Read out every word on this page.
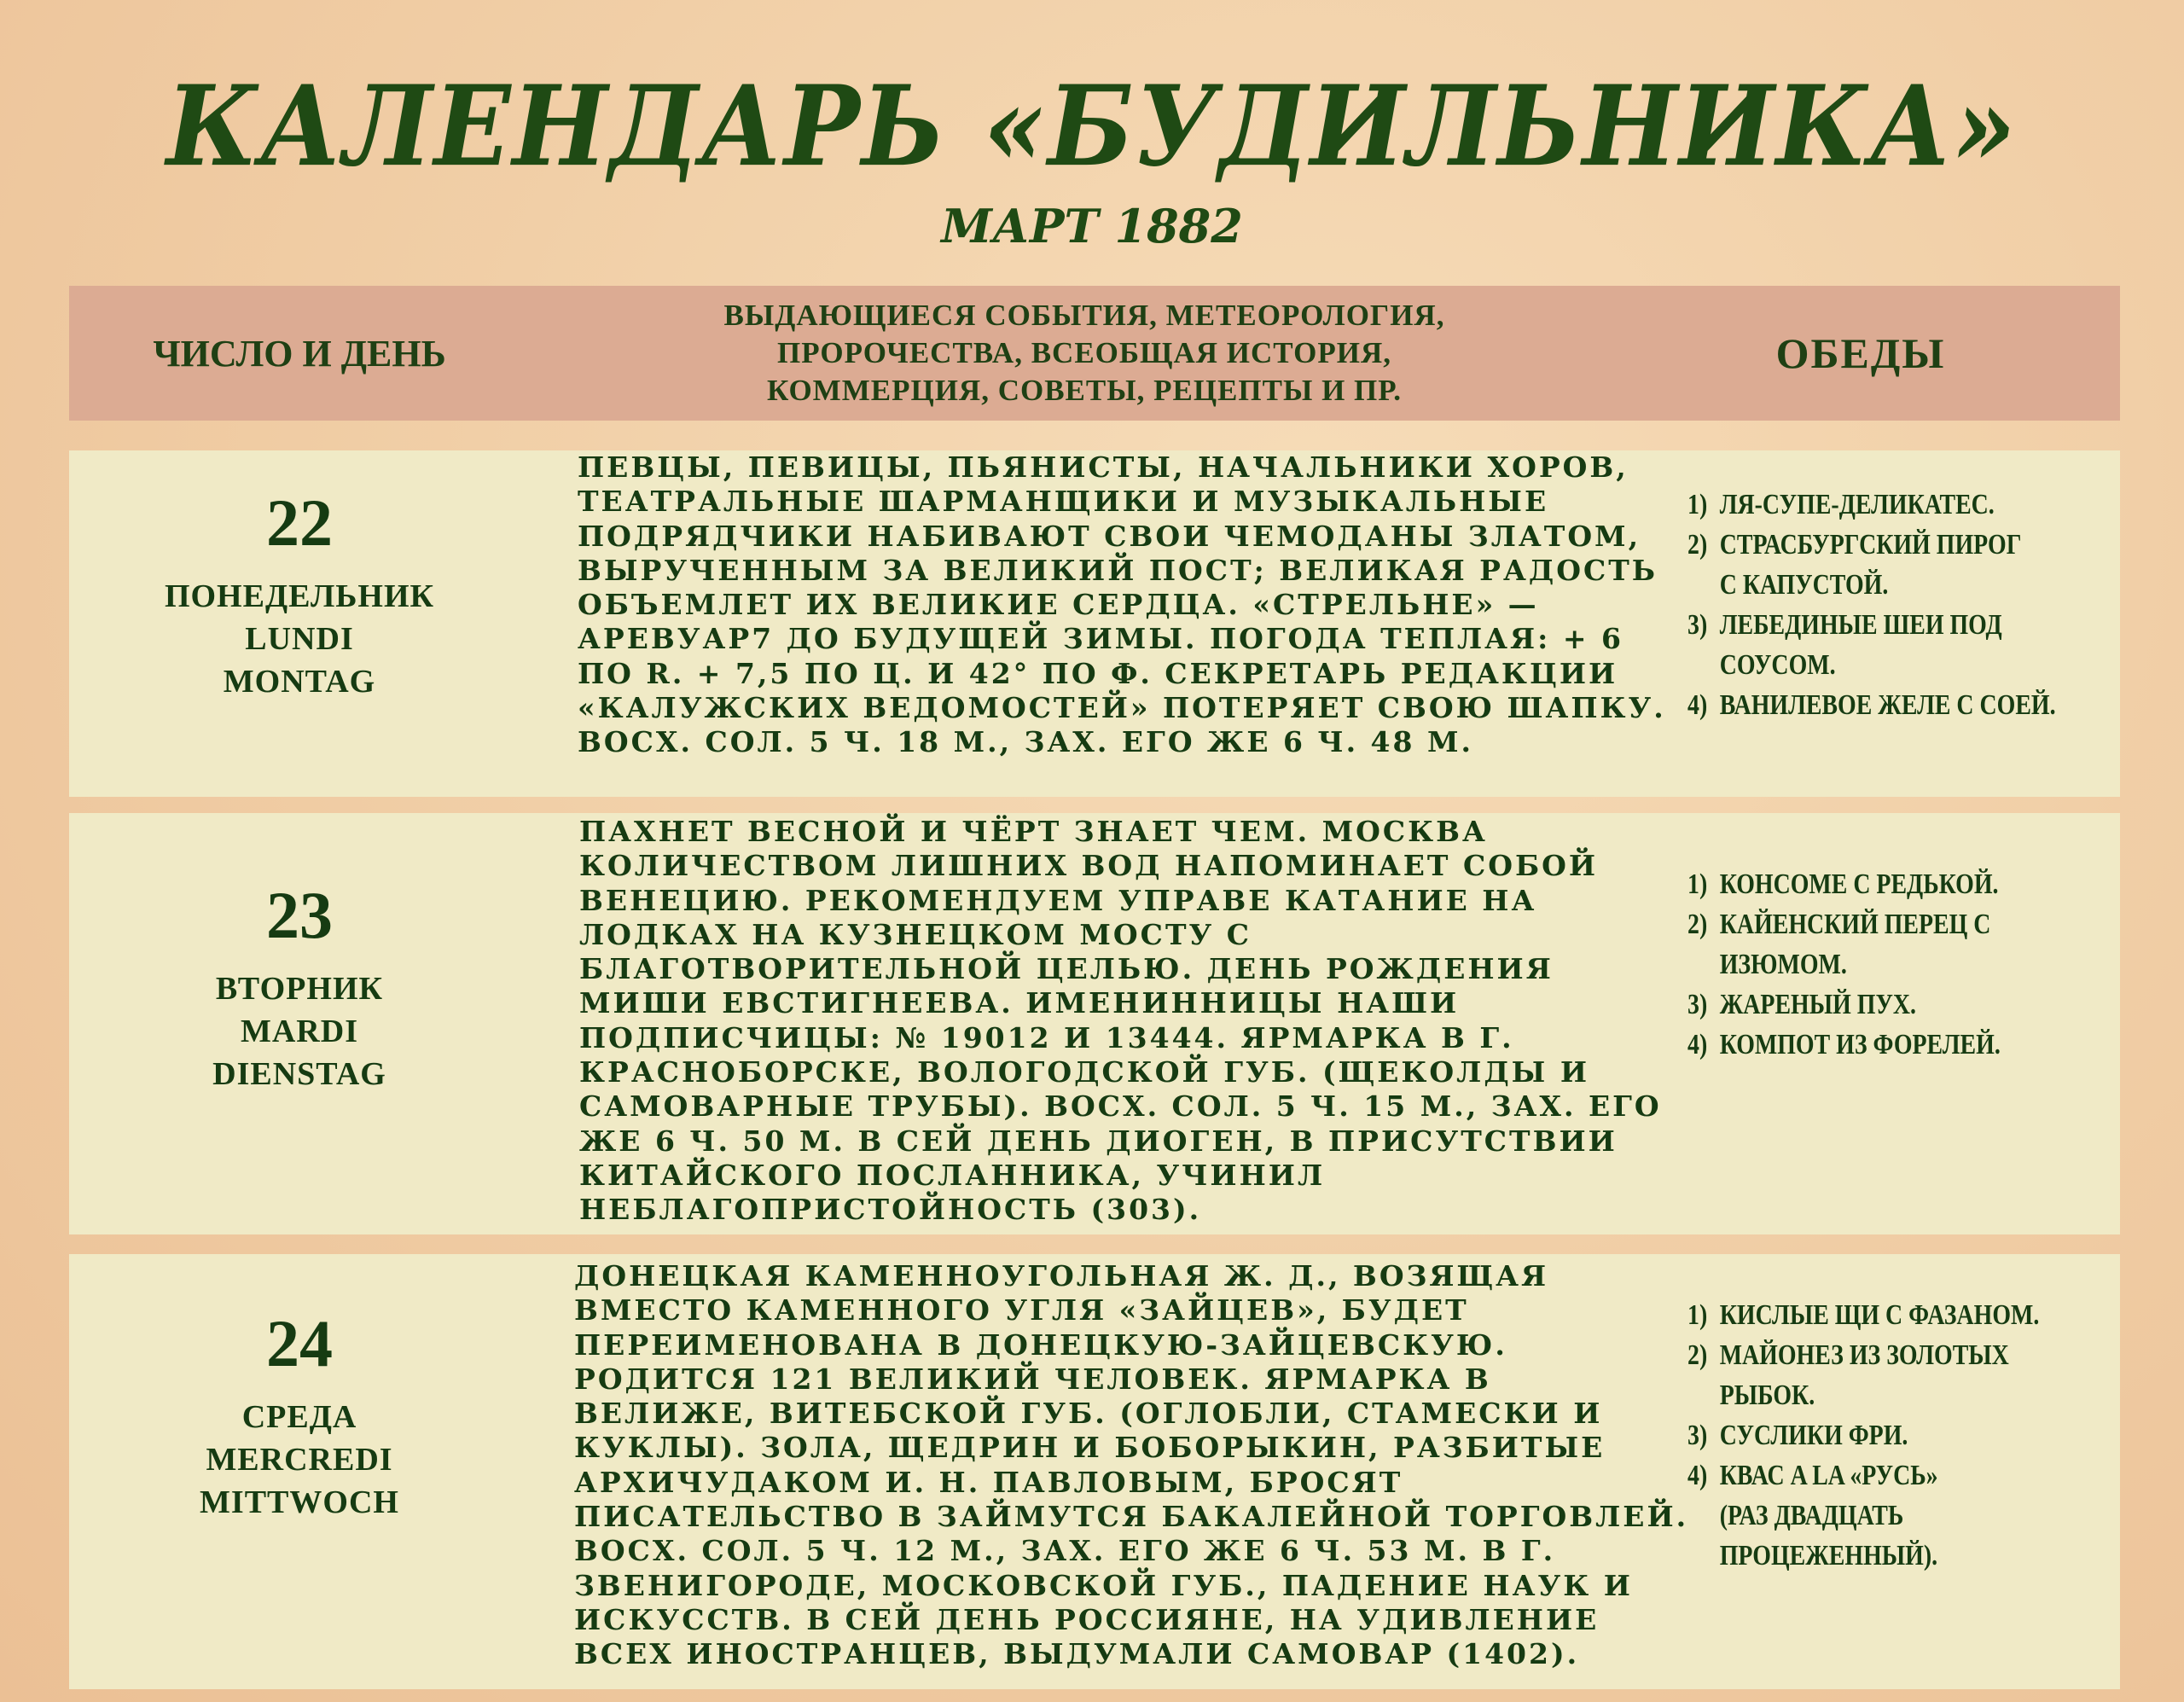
КАЛЕНДАРЬ «БУДИЛЬНИКА»
МАРТ 1882
ЧИСЛО И ДЕНЬ
ВЫДАЮЩИЕСЯ СОБЫТИЯ, МЕТЕОРОЛОГИЯ,
ПРОРОЧЕСТВА, ВСЕОБЩАЯ ИСТОРИЯ,
КОММЕРЦИЯ, СОВЕТЫ, РЕЦЕПТЫ И ПР.
ОБЕДЫ
22
ПОНЕДЕЛЬНИК
LUNDI
MONTAG
ПЕВЦЫ, ПЕВИЦЫ, ПЬЯНИСТЫ, НАЧАЛЬНИКИ ХОРОВ,
ТЕАТРАЛЬНЫЕ ШАРМАНЩИКИ И МУЗЫКАЛЬНЫЕ
ПОДРЯДЧИКИ НАБИВАЮТ СВОИ ЧЕМОДАНЫ ЗЛАТОМ,
ВЫРУЧЕННЫМ ЗА ВЕЛИКИЙ ПОСТ; ВЕЛИКАЯ РАДОСТЬ
ОБЪЕМЛЕТ ИХ ВЕЛИКИЕ СЕРДЦА. «СТРЕЛЬНЕ» —
АРЕВУАР7 ДО БУДУЩЕЙ ЗИМЫ. ПОГОДА ТЕПЛАЯ: + 6
ПО R. + 7,5 ПО Ц. И 42° ПО Ф. СЕКРЕТАРЬ РЕДАКЦИИ
«КАЛУЖСКИХ ВЕДОМОСТЕЙ» ПОТЕРЯЕТ СВОЮ ШАПКУ.
ВОСХ. СОЛ. 5 Ч. 18 М., ЗАХ. ЕГО ЖЕ 6 Ч. 48 М.
1) ЛЯ-СУПЕ-ДЕЛИКАТЕС.
2) СТРАСБУРГСКИЙ ПИРОГ
С КАПУСТОЙ.
3) ЛЕБЕДИНЫЕ ШЕИ ПОД
СОУСОМ.
4) ВАНИЛЕВОЕ ЖЕЛЕ С СОЕЙ.
23
ВТОРНИК
MARDI
DIENSTAG
ПАХНЕТ ВЕСНОЙ И ЧЁРТ ЗНАЕТ ЧЕМ. МОСКВА
КОЛИЧЕСТВОМ ЛИШНИХ ВОД НАПОМИНАЕТ СОБОЙ
ВЕНЕЦИЮ. РЕКОМЕНДУЕМ УПРАВЕ КАТАНИЕ НА
ЛОДКАХ НА КУЗНЕЦКОМ МОСТУ С
БЛАГОТВОРИТЕЛЬНОЙ ЦЕЛЬЮ. ДЕНЬ РОЖДЕНИЯ
МИШИ ЕВСТИГНЕЕВА. ИМЕНИННИЦЫ НАШИ
ПОДПИСЧИЦЫ: № 19012 И 13444. ЯРМАРКА В Г.
КРАСНОБОРСКЕ, ВОЛОГОДСКОЙ ГУБ. (ЩЕКОЛДЫ И
САМОВАРНЫЕ ТРУБЫ). ВОСХ. СОЛ. 5 Ч. 15 М., ЗАХ. ЕГО
ЖЕ 6 Ч. 50 М. В СЕЙ ДЕНЬ ДИОГЕН, В ПРИСУТСТВИИ
КИТАЙСКОГО ПОСЛАННИКА, УЧИНИЛ
НЕБЛАГОПРИСТОЙНОСТЬ (303).
1) КОНСОМЕ С РЕДЬКОЙ.
2) КАЙЕНСКИЙ ПЕРЕЦ С
ИЗЮМОМ.
3) ЖАРЕНЫЙ ПУХ.
4) КОМПОТ ИЗ ФОРЕЛЕЙ.
24
СРЕДА
MERCREDI
MITTWOCH
ДОНЕЦКАЯ КАМЕННОУГОЛЬНАЯ Ж. Д., ВОЗЯЩАЯ
ВМЕСТО КАМЕННОГО УГЛЯ «ЗАЙЦЕВ», БУДЕТ
ПЕРЕИМЕНОВАНА В ДОНЕЦКУЮ-ЗАЙЦЕВСКУЮ.
РОДИТСЯ 121 ВЕЛИКИЙ ЧЕЛОВЕК. ЯРМАРКА В
ВЕЛИЖЕ, ВИТЕБСКОЙ ГУБ. (ОГЛОБЛИ, СТАМЕСКИ И
КУКЛЫ). ЗОЛА, ЩЕДРИН И БОБОРЫКИН, РАЗБИТЫЕ
АРХИЧУДАКОМ И. Н. ПАВЛОВЫМ, БРОСЯТ
ПИСАТЕЛЬСТВО В ЗАЙМУТСЯ БАКАЛЕЙНОЙ ТОРГОВЛЕЙ.
ВОСХ. СОЛ. 5 Ч. 12 М., ЗАХ. ЕГО ЖЕ 6 Ч. 53 М. В Г.
ЗВЕНИГОРОДЕ, МОСКОВСКОЙ ГУБ., ПАДЕНИЕ НАУК И
ИСКУССТВ. В СЕЙ ДЕНЬ РОССИЯНЕ, НА УДИВЛЕНИЕ
ВСЕХ ИНОСТРАНЦЕВ, ВЫДУМАЛИ САМОВАР (1402).
1) КИСЛЫЕ ЩИ С ФАЗАНОМ.
2) МАЙОНЕЗ ИЗ ЗОЛОТЫХ
РЫБОК.
3) СУСЛИКИ ФРИ.
4) КВАС A LA «РУСЬ»
(РАЗ ДВАДЦАТЬ
ПРОЦЕЖЕННЫЙ).
